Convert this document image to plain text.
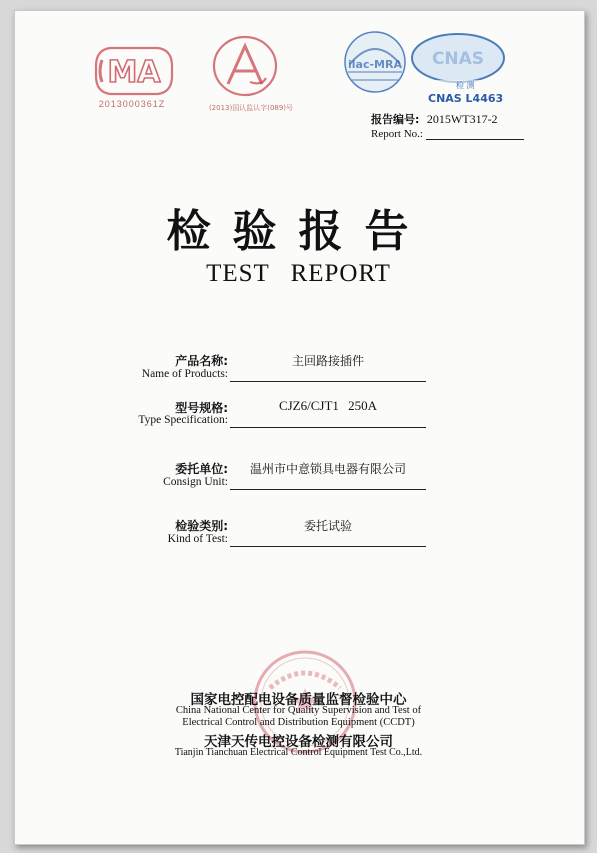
MA
2013000361Z	(2013)国认监认字(089)号
ilac-MRA CNAS
检 测
CNAS L4463
报告编号: 2015WT317-2
Report No.:
检验报告
TEST REPORT
产品名称:	主回路接插件
Name of Products:
型号规格:	CJZ6/CJT1 250A
Type Specification:
委托单位:	温州市中意锁具电器有限公司
Consign Unit:
检验类别:	委托试验
Kind of Test:
国家电控配电设备质量监督检验中心
China National Center for Quality Supervision and Test of
Electrical Control and Distribution Equipment (CCDT)
天津天传电控设备检测有限公司
Tianjin Tianchuan Electrical Control Equipment Test Co.,Ltd.
